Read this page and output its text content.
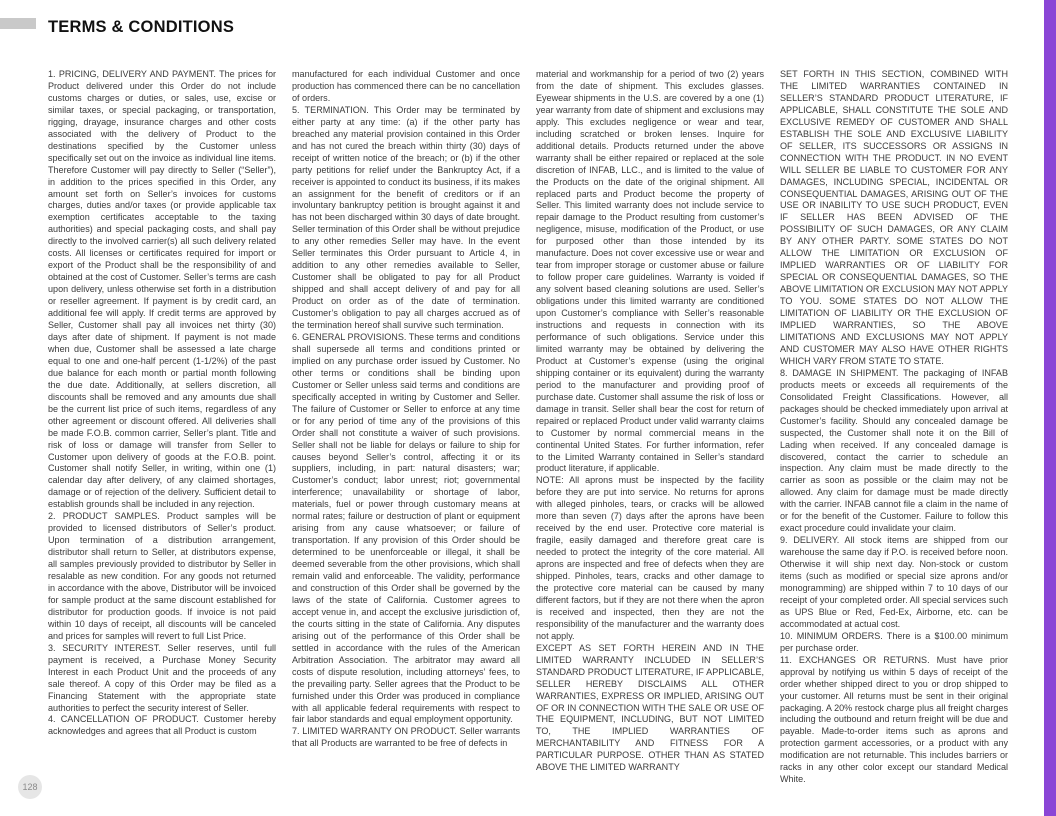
TERMS & CONDITIONS

1. PRICING, DELIVERY AND PAYMENT. The prices for Product delivered under this Order do not include customs charges or duties, or sales, use, excise or similar taxes, or special packaging, or transportation, rigging, drayage, insurance charges and other costs associated with the delivery of Product to the destinations specified by the Customer unless specifically set out on the invoice as individual line items. Therefore Customer will pay directly to Seller (“Seller”), in addition to the prices specified in this Order, any amount set forth on Seller’s invoices for customs charges, duties and/or taxes (or provide applicable tax exemption certificates acceptable to the taxing authorities) and special packaging costs, and shall pay directly to the involved carrier(s) all such delivery related costs. All licenses or certificates required for import or export of the Product shall be the responsibility of and obtained at the cost of Customer. Seller’s terms are cash upon delivery, unless otherwise set forth in a distribution or reseller agreement. If payment is by credit card, an additional fee will apply. If credit terms are approved by Seller, Customer shall pay all invoices net thirty (30) days after date of shipment. If payment is not made when due, Customer shall be assessed a late charge equal to one and one-half percent (1-1/2%) of the past due balance for each month or partial month following the due date. Additionally, at sellers discretion, all discounts shall be removed and any amounts due shall be the current list price of such items, regardless of any other agreement or discount offered. All deliveries shall be made F.O.B. common carrier, Seller’s plant. Title and risk of loss or damage will transfer from Seller to Customer upon delivery of goods at the F.O.B. point. Customer shall notify Seller, in writing, within one (1) calendar day after delivery, of any claimed shortages, damage or of rejection of the delivery. Sufficient detail to establish grounds shall be included in any rejection.

2. PRODUCT SAMPLES. Product samples will be provided to licensed distributors of Seller’s product. Upon termination of a distribution arrangement, distributor shall return to Seller, at distributors expense, all samples previously provided to distributor by Seller in resalable as new condition. For any goods not returned in accordance with the above, Distributor will be invoiced for sample product at the same discount established for distributor for production goods. If invoice is not paid within 10 days of receipt, all discounts will be canceled and prices for samples will revert to full List Price.

3. SECURITY INTEREST. Seller reserves, until full payment is received, a Purchase Money Security Interest in each Product Unit and the proceeds of any sale thereof. A copy of this Order may be filed as a Financing Statement with the appropriate state authorities to perfect the security interest of Seller.

4. CANCELLATION OF PRODUCT. Customer hereby acknowledges and agrees that all Product is custom

manufactured for each individual Customer and once production has commenced there can be no cancellation of orders.

5. TERMINATION. This Order may be terminated by either party at any time: (a) if the other party has breached any material provision contained in this Order and has not cured the breach within thirty (30) days of receipt of written notice of the breach; or (b) if the other party petitions for relief under the Bankruptcy Act, if a receiver is appointed to conduct its business, if its makes an assignment for the benefit of creditors or if an involuntary bankruptcy petition is brought against it and has not been discharged within 30 days of date brought. Seller termination of this Order shall be without prejudice to any other remedies Seller may have. In the event Seller terminates this Order pursuant to Article 4, in addition to any other remedies available to Seller, Customer shall be obligated to pay for all Product shipped and shall accept delivery of and pay for all Product on order as of the date of termination. Customer’s obligation to pay all charges accrued as of the termination hereof shall survive such termination.

6. GENERAL PROVISIONS. These terms and conditions shall supersede all terms and conditions printed or implied on any purchase order issued by Customer. No other terms or conditions shall be binding upon Customer or Seller unless said terms and conditions are specifically accepted in writing by Customer and Seller. The failure of Customer or Seller to enforce at any time or for any period of time any of the provisions of this Order shall not constitute a waiver of such provisions. Seller shall not be liable for delays or failure to ship for causes beyond Seller’s control, affecting it or its suppliers, including, in part: natural disasters; war; Customer’s conduct; labor unrest; riot; governmental interference; unavailability or shortage of labor, materials, fuel or power through customary means at normal rates; failure or destruction of plant or equipment arising from any cause whatsoever; or failure of transportation. If any provision of this Order should be determined to be unenforceable or illegal, it shall be deemed severable from the other provisions, which shall remain valid and enforceable. The validity, performance and construction of this Order shall be governed by the laws of the state of California. Customer agrees to accept venue in, and accept the exclusive jurisdiction of, the courts sitting in the state of California. Any disputes arising out of the performance of this Order shall be settled in accordance with the rules of the American Arbitration Association. The arbitrator may award all costs of dispute resolution, including attorneys’ fees, to the prevailing party. Seller agrees that the Product to be furnished under this Order was produced in compliance with all applicable federal requirements with respect to fair labor standards and equal employment opportunity.

7. LIMITED WARRANTY ON PRODUCT. Seller warrants that all Products are warranted to be free of defects in

material and workmanship for a period of two (2) years from the date of shipment. This excludes glasses. Eyewear shipments in the U.S. are covered by a one (1) year warranty from date of shipment and exclusions may apply. This excludes negligence or wear and tear, including scratched or broken lenses. Inquire for additional details. Products returned under the above warranty shall be either repaired or replaced at the sole discretion of INFAB, LLC., and is limited to the value of the Products on the date of the original shipment. All replaced parts and Product become the property of Seller. This limited warranty does not include service to repair damage to the Product resulting from customer’s negligence, misuse, modification of the Product, or use for purposed other than those intended by its manufacture. Does not cover excessive use or wear and tear from improper storage or customer abuse or failure to follow proper care guidelines. Warranty is voided if any solvent based cleaning solutions are used. Seller’s obligations under this limited warranty are conditioned upon Customer’s compliance with Seller’s reasonable instructions and requests in connection with its performance of such obligations. Service under this limited warranty may be obtained by delivering the Product at Customer’s expense (using the original shipping container or its equivalent) during the warranty period to the manufacturer and providing proof of purchase date. Customer shall assume the risk of loss or damage in transit. Seller shall bear the cost for return of repaired or replaced Product under valid warranty claims to Customer by normal commercial means in the continental United States. For further information, refer to the Limited Warranty contained in Seller’s standard product literature, if applicable.

NOTE: All aprons must be inspected by the facility before they are put into service. No returns for aprons with alleged pinholes, tears, or cracks will be allowed more than seven (7) days after the aprons have been received by the end user. Protective core material is fragile, easily damaged and therefore great care is needed to protect the integrity of the core material. All aprons are inspected and free of defects when they are shipped. Pinholes, tears, cracks and other damage to the protective core material can be caused by many different factors, but if they are not there when the apron is received and inspected, then they are not the responsibility of the manufacturer and the warranty does not apply.

EXCEPT AS SET FORTH HEREIN AND IN THE LIMITED WARRANTY INCLUDED IN SELLER’S STANDARD PRODUCT LITERATURE, IF APPLICABLE, SELLER HEREBY DISCLAIMS ALL OTHER WARRANTIES, EXPRESS OR IMPLIED, ARISING OUT OF OR IN CONNECTION WITH THE SALE OR USE OF THE EQUIPMENT, INCLUDING, BUT NOT LIMITED TO, THE IMPLIED WARRANTIES OF MERCHANTABILITY AND FITNESS FOR A PARTICULAR PURPOSE. OTHER THAN AS STATED ABOVE THE LIMITED WARRANTY

SET FORTH IN THIS SECTION, COMBINED WITH THE LIMITED WARRANTIES CONTAINED IN SELLER’S STANDARD PRODUCT LITERATURE, IF APPLICABLE, SHALL CONSTITUTE THE SOLE AND EXCLUSIVE REMEDY OF CUSTOMER AND SHALL ESTABLISH THE SOLE AND EXCLUSIVE LIABILITY OF SELLER, ITS SUCCESSORS OR ASSIGNS IN CONNECTION WITH THE PRODUCT. IN NO EVENT WILL SELLER BE LIABLE TO CUSTOMER FOR ANY DAMAGES, INCLUDING SPECIAL, INCIDENTAL OR CONSEQUENTIAL DAMAGES, ARISING OUT OF THE USE OR INABILITY TO USE SUCH PRODUCT, EVEN IF SELLER HAS BEEN ADVISED OF THE POSSIBILITY OF SUCH DAMAGES, OR ANY CLAIM BY ANY OTHER PARTY. SOME STATES DO NOT ALLOW THE LIMITATION OR EXCLUSION OF IMPLIED WARRANTIES OR OF LIABILITY FOR SPECIAL OR CONSEQUENTIAL DAMAGES, SO THE ABOVE LIMITATION OR EXCLUSION MAY NOT APPLY TO YOU. SOME STATES DO NOT ALLOW THE LIMITATION OF LIABILITY OR THE EXCLUSION OF IMPLIED WARRANTIES, SO THE ABOVE LIMITATIONS AND EXCLUSIONS MAY NOT APPLY AND CUSTOMER MAY ALSO HAVE OTHER RIGHTS WHICH VARY FROM STATE TO STATE.

8. DAMAGE IN SHIPMENT. The packaging of INFAB products meets or exceeds all requirements of the Consolidated Freight Classifications. However, all packages should be checked immediately upon arrival at Customer’s facility. Should any concealed damage be suspected, the Customer shall note it on the Bill of Lading when received. If any concealed damage is discovered, contact the carrier to schedule an inspection. Any claim must be made directly to the carrier as soon as possible or the claim may not be allowed. Any claim for damage must be made directly with the carrier. INFAB cannot file a claim in the name of or for the benefit of the Customer. Failure to follow this exact procedure could invalidate your claim.

9. DELIVERY. All stock items are shipped from our warehouse the same day if P.O. is received before noon. Otherwise it will ship next day. Non-stock or custom items (such as modified or special size aprons and/or monogramming) are shipped within 7 to 10 days of our receipt of your completed order. All special services such as UPS Blue or Red, Fed-Ex, Airborne, etc. can be accommodated at actual cost.

10. MINIMUM ORDERS. There is a $100.00 minimum per purchase order.

11. EXCHANGES OR RETURNS. Must have prior approval by notifying us within 5 days of receipt of the order whether shipped direct to you or drop shipped to your customer. All returns must be sent in their original packaging. A 20% restock charge plus all freight charges including the outbound and return freight will be due and payable. Made-to-order items such as aprons and protection garment accessories, or a product with any modification are not returnable. This includes barriers or racks in any other color except our standard Medical White.

128
